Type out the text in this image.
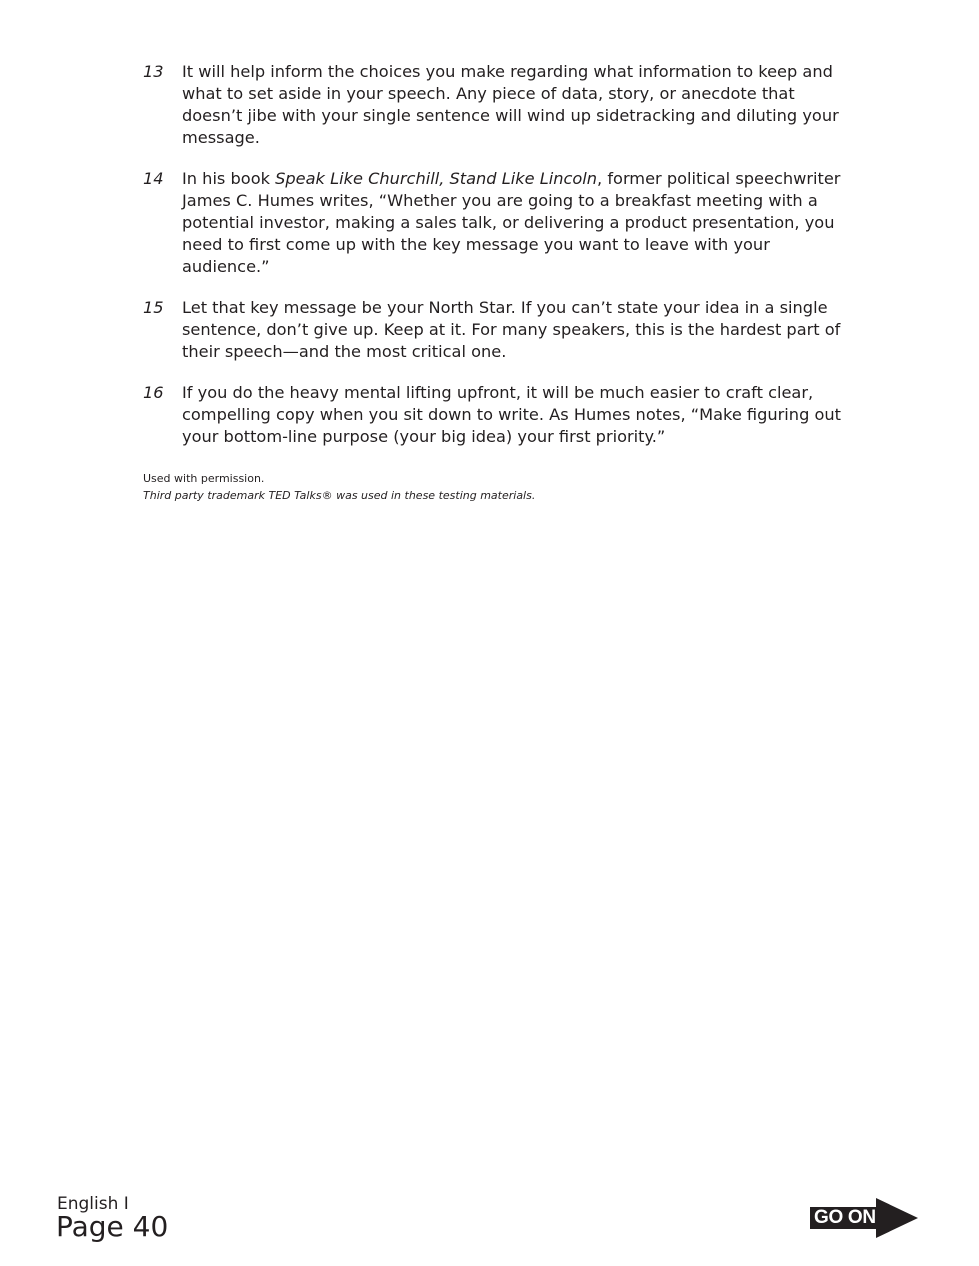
13 It will help inform the choices you make regarding what information to keep and what to set aside in your speech. Any piece of data, story, or anecdote that doesn’t jibe with your single sentence will wind up sidetracking and diluting your message.
14 In his book Speak Like Churchill, Stand Like Lincoln, former political speechwriter James C. Humes writes, “Whether you are going to a breakfast meeting with a potential investor, making a sales talk, or delivering a product presentation, you need to first come up with the key message you want to leave with your audience.”
15 Let that key message be your North Star. If you can’t state your idea in a single sentence, don’t give up. Keep at it. For many speakers, this is the hardest part of their speech—and the most critical one.
16 If you do the heavy mental lifting upfront, it will be much easier to craft clear, compelling copy when you sit down to write. As Humes notes, “Make figuring out your bottom-line purpose (your big idea) your first priority.”
Used with permission.
Third party trademark TED Talks® was used in these testing materials.
English I
Page 40	GO ON
